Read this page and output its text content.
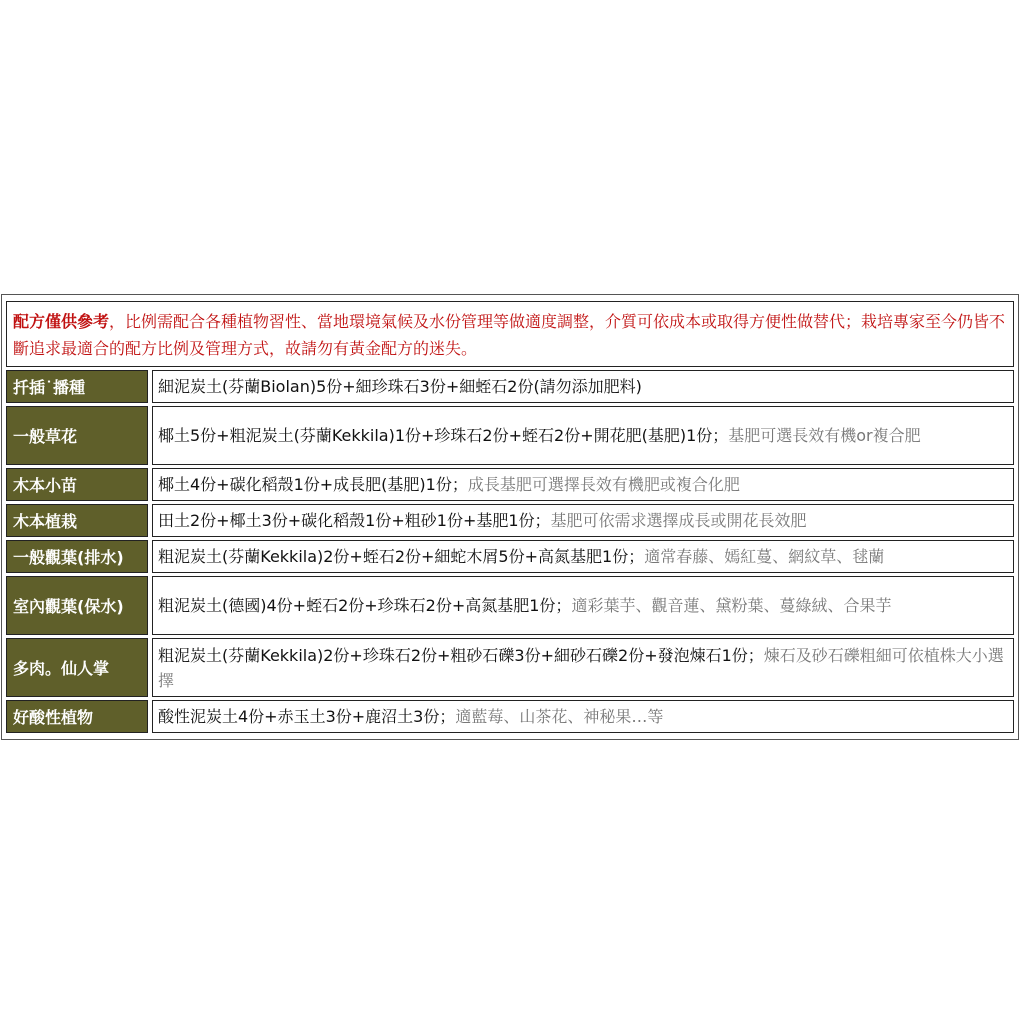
配方僅供參考，比例需配合各種植物習性、當地環境氣候及水份管理等做適度調整，介質可依成本或取得方便性做替代；栽培專家至今仍皆不斷追求最適合的配方比例及管理方式，故請勿有黃金配方的迷失。	
扦插˙播種	細泥炭土(芬蘭Biolan)5份+細珍珠石3份+細蛭石2份(請勿添加肥料)
一般草花	椰土5份+粗泥炭土(芬蘭Kekkila)1份+珍珠石2份+蛭石2份+開花肥(基肥)1份；基肥可選長效有機or複合肥
木本小苗	椰土4份+碳化稻殼1份+成長肥(基肥)1份；成長基肥可選擇長效有機肥或複合化肥
木本植栽	田土2份+椰土3份+碳化稻殼1份+粗砂1份+基肥1份；基肥可依需求選擇成長或開花長效肥
一般觀葉(排水)	粗泥炭土(芬蘭Kekkila)2份+蛭石2份+細蛇木屑5份+高氮基肥1份；適常春藤、嫣紅蔓、網紋草、毬蘭
室內觀葉(保水)	粗泥炭土(德國)4份+蛭石2份+珍珠石2份+高氮基肥1份；適彩葉芋、觀音蓮、黛粉葉、蔓綠絨、合果芋
多肉。仙人掌	粗泥炭土(芬蘭Kekkila)2份+珍珠石2份+粗砂石礫3份+細砂石礫2份+發泡煉石1份；煉石及砂石礫粗細可依植株大小選擇
好酸性植物	酸性泥炭土4份+赤玉土3份+鹿沼土3份；適藍莓、山茶花、神秘果…等
